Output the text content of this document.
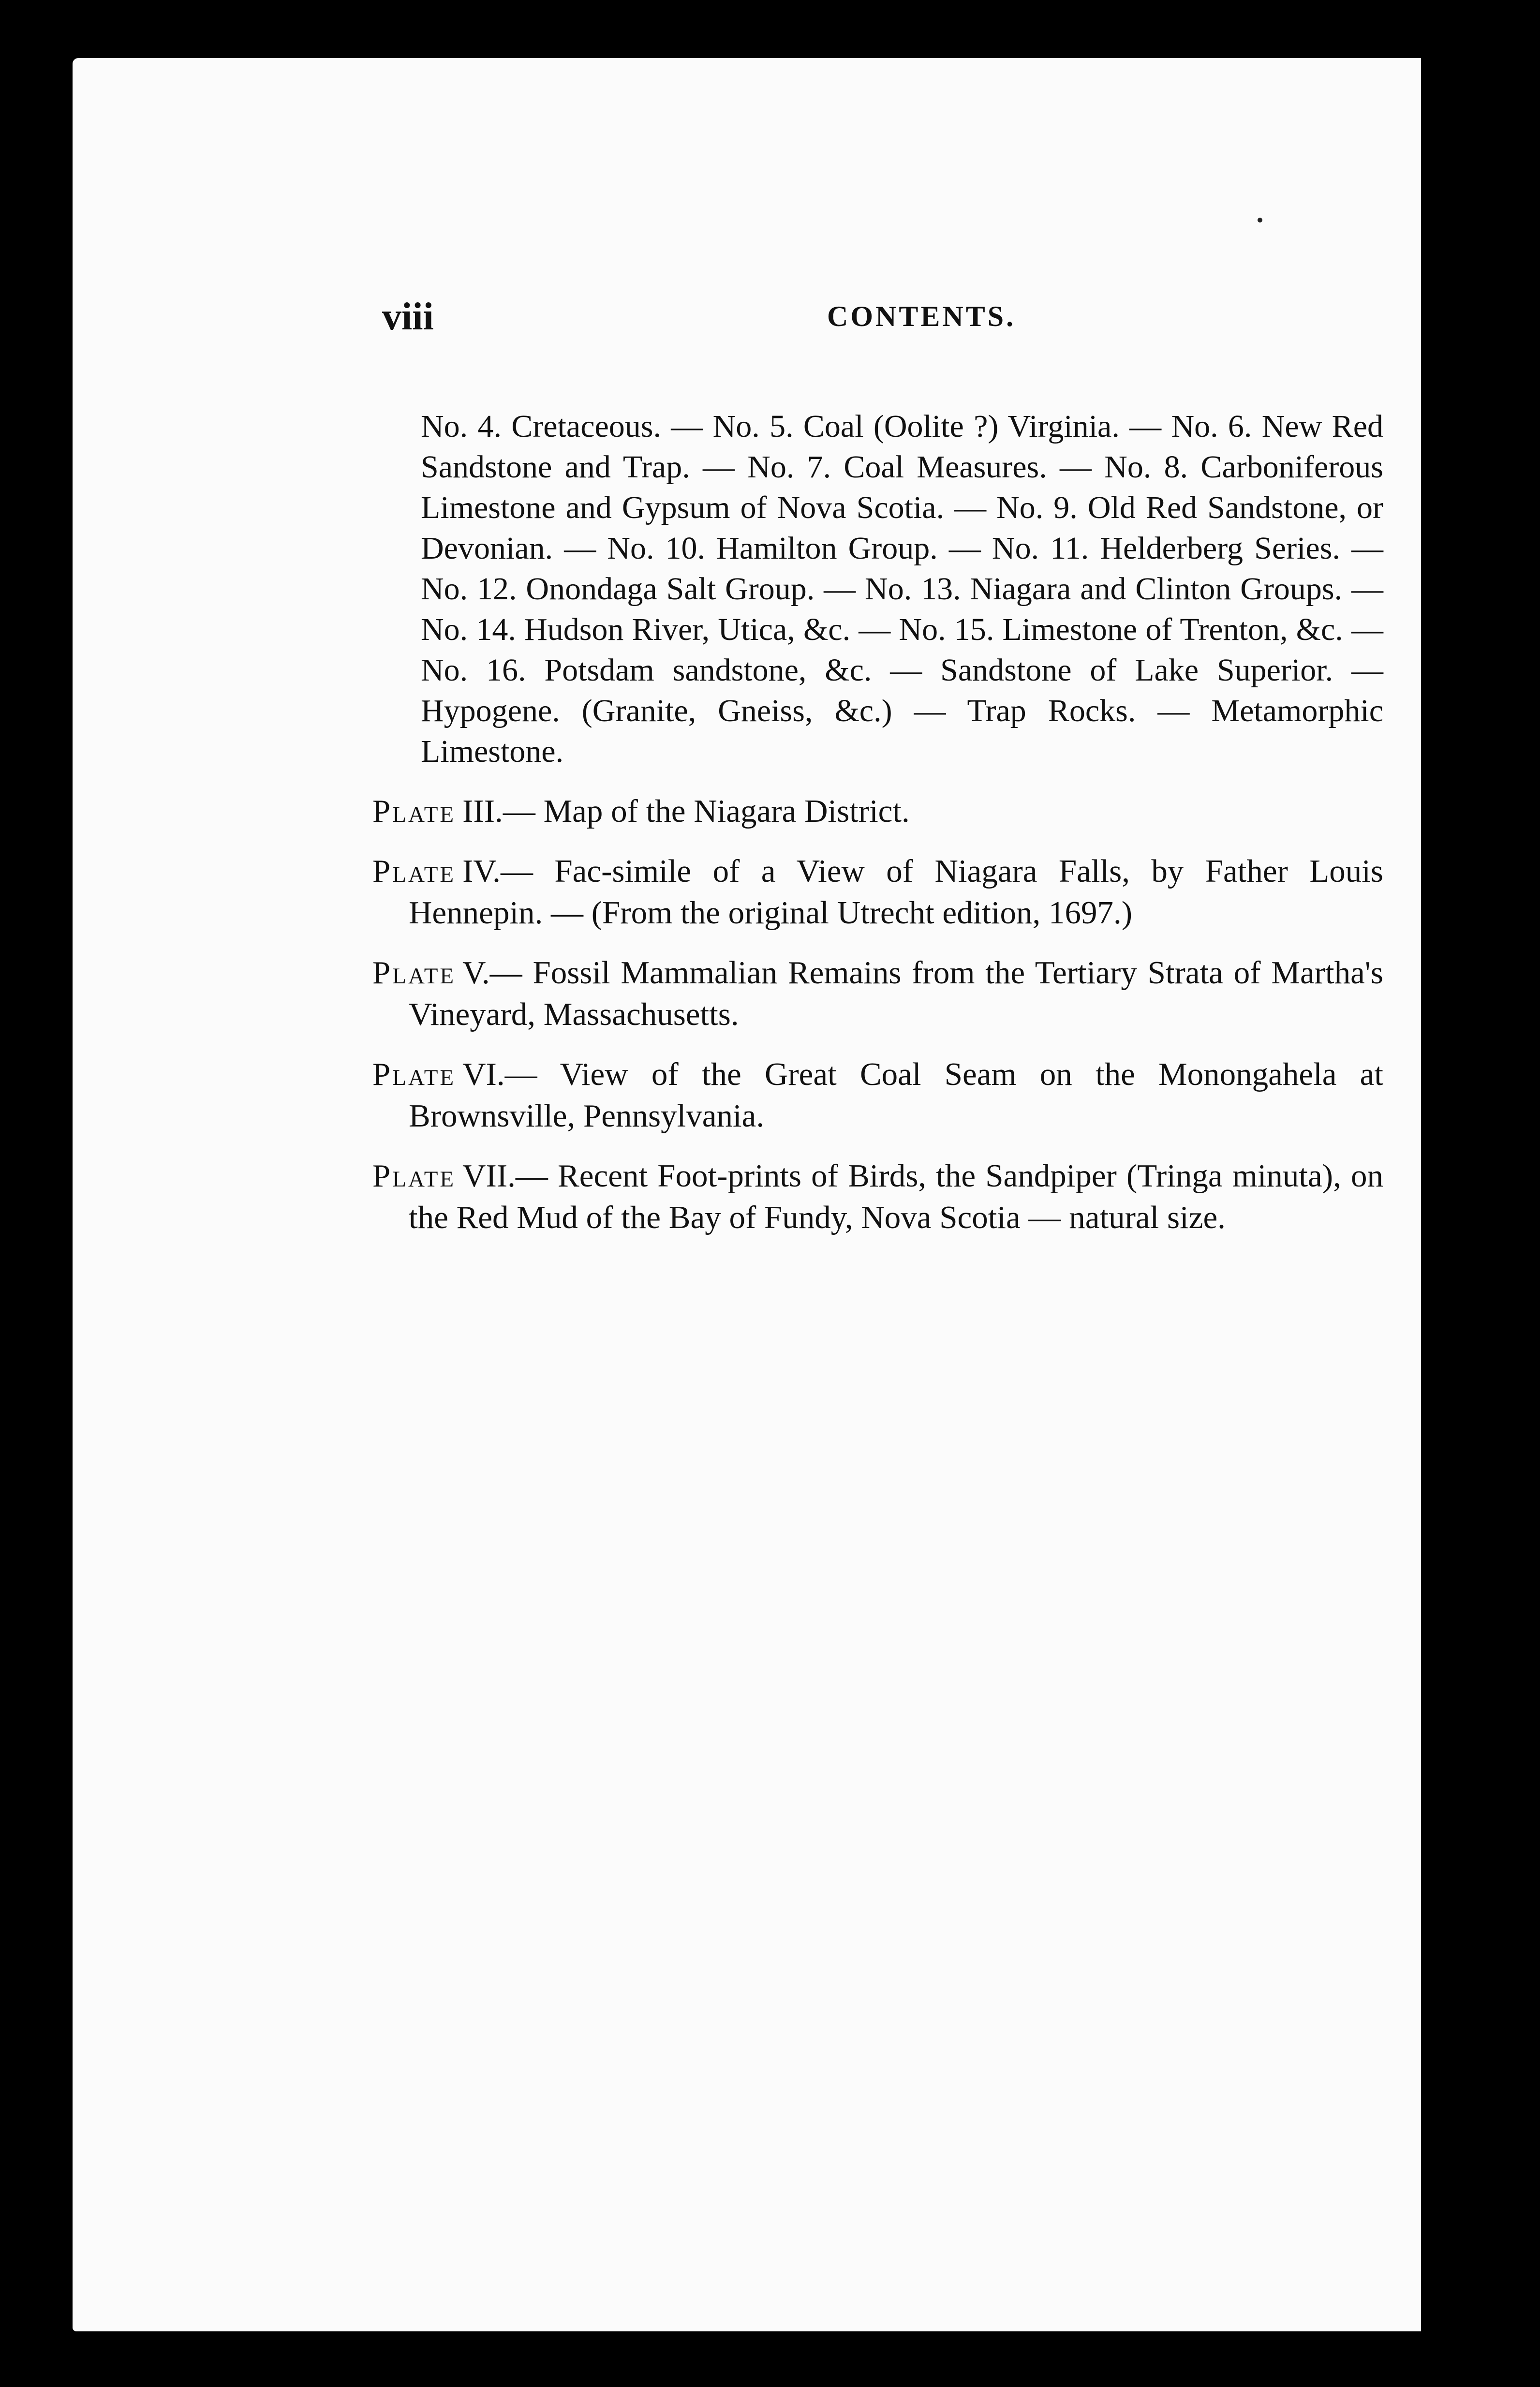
viii	CONTENTS.

No. 4. Cretaceous. — No. 5. Coal (Oolite ?) Virginia. — No. 6. New Red Sandstone and Trap. — No. 7. Coal Measures. — No. 8. Carboniferous Limestone and Gypsum of Nova Scotia. — No. 9. Old Red Sandstone, or Devonian. — No. 10. Hamilton Group. — No. 11. Helderberg Series. — No. 12. Onondaga Salt Group. — No. 13. Niagara and Clinton Groups. — No. 14. Hudson River, Utica, &c. — No. 15. Limestone of Trenton, &c. — No. 16. Potsdam sandstone, &c. — Sandstone of Lake Superior. — Hypogene. (Granite, Gneiss, &c.) — Trap Rocks. — Metamorphic Limestone.

Plate III.— Map of the Niagara District.

Plate IV.— Fac-simile of a View of Niagara Falls, by Father Louis Hennepin. — (From the original Utrecht edition, 1697.)

Plate V.— Fossil Mammalian Remains from the Tertiary Strata of Martha's Vineyard, Massachusetts.

Plate VI.— View of the Great Coal Seam on the Monongahela at Brownsville, Pennsylvania.

Plate VII.— Recent Foot-prints of Birds, the Sandpiper (Tringa minuta), on the Red Mud of the Bay of Fundy, Nova Scotia — natural size.
